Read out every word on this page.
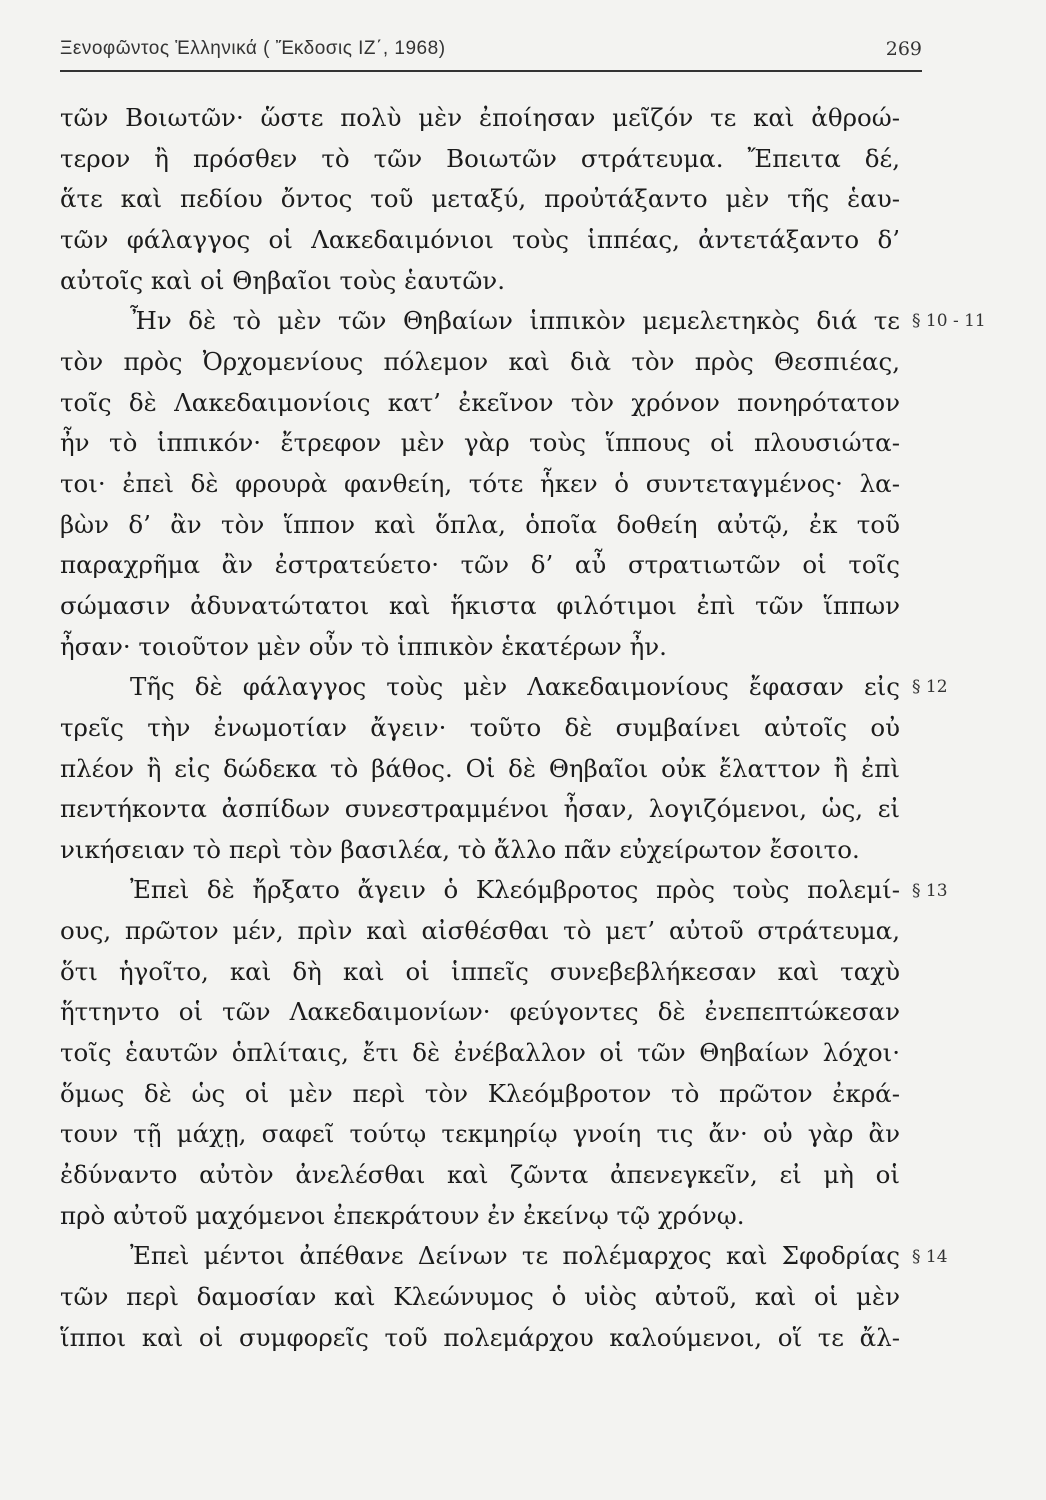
Ξενοφῶντος Ἑλληνικά ( Ἔκδοσις ΙΖ΄, 1968)	269
τῶν Βοιωτῶν· ὥστε πολὺ μὲν ἐποίησαν μεῖζόν τε καὶ ἀθροώ-
τερον ἢ πρόσθεν τὸ τῶν Βοιωτῶν στράτευμα. Ἔπειτα δέ,
ἅτε καὶ πεδίου ὄντος τοῦ μεταξύ, προὐτάξαντο μὲν τῆς ἑαυ-
τῶν φάλαγγος οἱ Λακεδαιμόνιοι τοὺς ἱππέας, ἀντετάξαντο δ’
αὐτοῖς καὶ οἱ Θηβαῖοι τοὺς ἑαυτῶν.
Ἦν δὲ τὸ μὲν τῶν Θηβαίων ἱππικὸν μεμελετηκὸς διά τε
τὸν πρὸς Ὀρχομενίους πόλεμον καὶ διὰ τὸν πρὸς Θεσπιέας,
τοῖς δὲ Λακεδαιμονίοις κατ’ ἐκεῖνον τὸν χρόνον πονηρότατον
ἦν τὸ ἱππικόν· ἔτρεφον μὲν γὰρ τοὺς ἵππους οἱ πλουσιώτα-
τοι· ἐπεὶ δὲ φρουρὰ φανθείη, τότε ἧκεν ὁ συντεταγμένος· λα-
βὼν δ’ ἂν τὸν ἵππον καὶ ὅπλα, ὁποῖα δοθείη αὐτῷ, ἐκ τοῦ
παραχρῆμα ἂν ἐστρατεύετο· τῶν δ’ αὖ στρατιωτῶν οἱ τοῖς
σώμασιν ἀδυνατώτατοι καὶ ἥκιστα φιλότιμοι ἐπὶ τῶν ἵππων
ἦσαν· τοιοῦτον μὲν οὖν τὸ ἱππικὸν ἑκατέρων ἦν.
Τῆς δὲ φάλαγγος τοὺς μὲν Λακεδαιμονίους ἔφασαν εἰς
τρεῖς τὴν ἐνωμοτίαν ἄγειν· τοῦτο δὲ συμβαίνει αὐτοῖς οὐ
πλέον ἢ εἰς δώδεκα τὸ βάθος. Οἱ δὲ Θηβαῖοι οὐκ ἔλαττον ἢ ἐπὶ
πεντήκοντα ἀσπίδων συνεστραμμένοι ἦσαν, λογιζόμενοι, ὡς, εἰ
νικήσειαν τὸ περὶ τὸν βασιλέα, τὸ ἄλλο πᾶν εὐχείρωτον ἔσοιτο.
Ἐπεὶ δὲ ἤρξατο ἄγειν ὁ Κλεόμβροτος πρὸς τοὺς πολεμί-
ους, πρῶτον μέν, πρὶν καὶ αἰσθέσθαι τὸ μετ’ αὐτοῦ στράτευμα,
ὅτι ἡγοῖτο, καὶ δὴ καὶ οἱ ἱππεῖς συνεβεβλήκεσαν καὶ ταχὺ
ἥττηντο οἱ τῶν Λακεδαιμονίων· φεύγοντες δὲ ἐνεπεπτώκεσαν
τοῖς ἑαυτῶν ὁπλίταις, ἔτι δὲ ἐνέβαλλον οἱ τῶν Θηβαίων λόχοι·
ὅμως δὲ ὡς οἱ μὲν περὶ τὸν Κλεόμβροτον τὸ πρῶτον ἐκρά-
τουν τῇ μάχῃ, σαφεῖ τούτῳ τεκμηρίῳ γνοίη τις ἄν· οὐ γὰρ ἂν
ἐδύναντο αὐτὸν ἀνελέσθαι καὶ ζῶντα ἀπενεγκεῖν, εἰ μὴ οἱ
πρὸ αὐτοῦ μαχόμενοι ἐπεκράτουν ἐν ἐκείνῳ τῷ χρόνῳ.
Ἐπεὶ μέντοι ἀπέθανε Δείνων τε πολέμαρχος καὶ Σφοδρίας
τῶν περὶ δαμοσίαν καὶ Κλεώνυμος ὁ υἱὸς αὐτοῦ, καὶ οἱ μὲν
ἵπποι καὶ οἱ συμφορεῖς τοῦ πολεμάρχου καλούμενοι, οἵ τε ἄλ-
§ 10 - 11
§ 12
§ 13
§ 14
